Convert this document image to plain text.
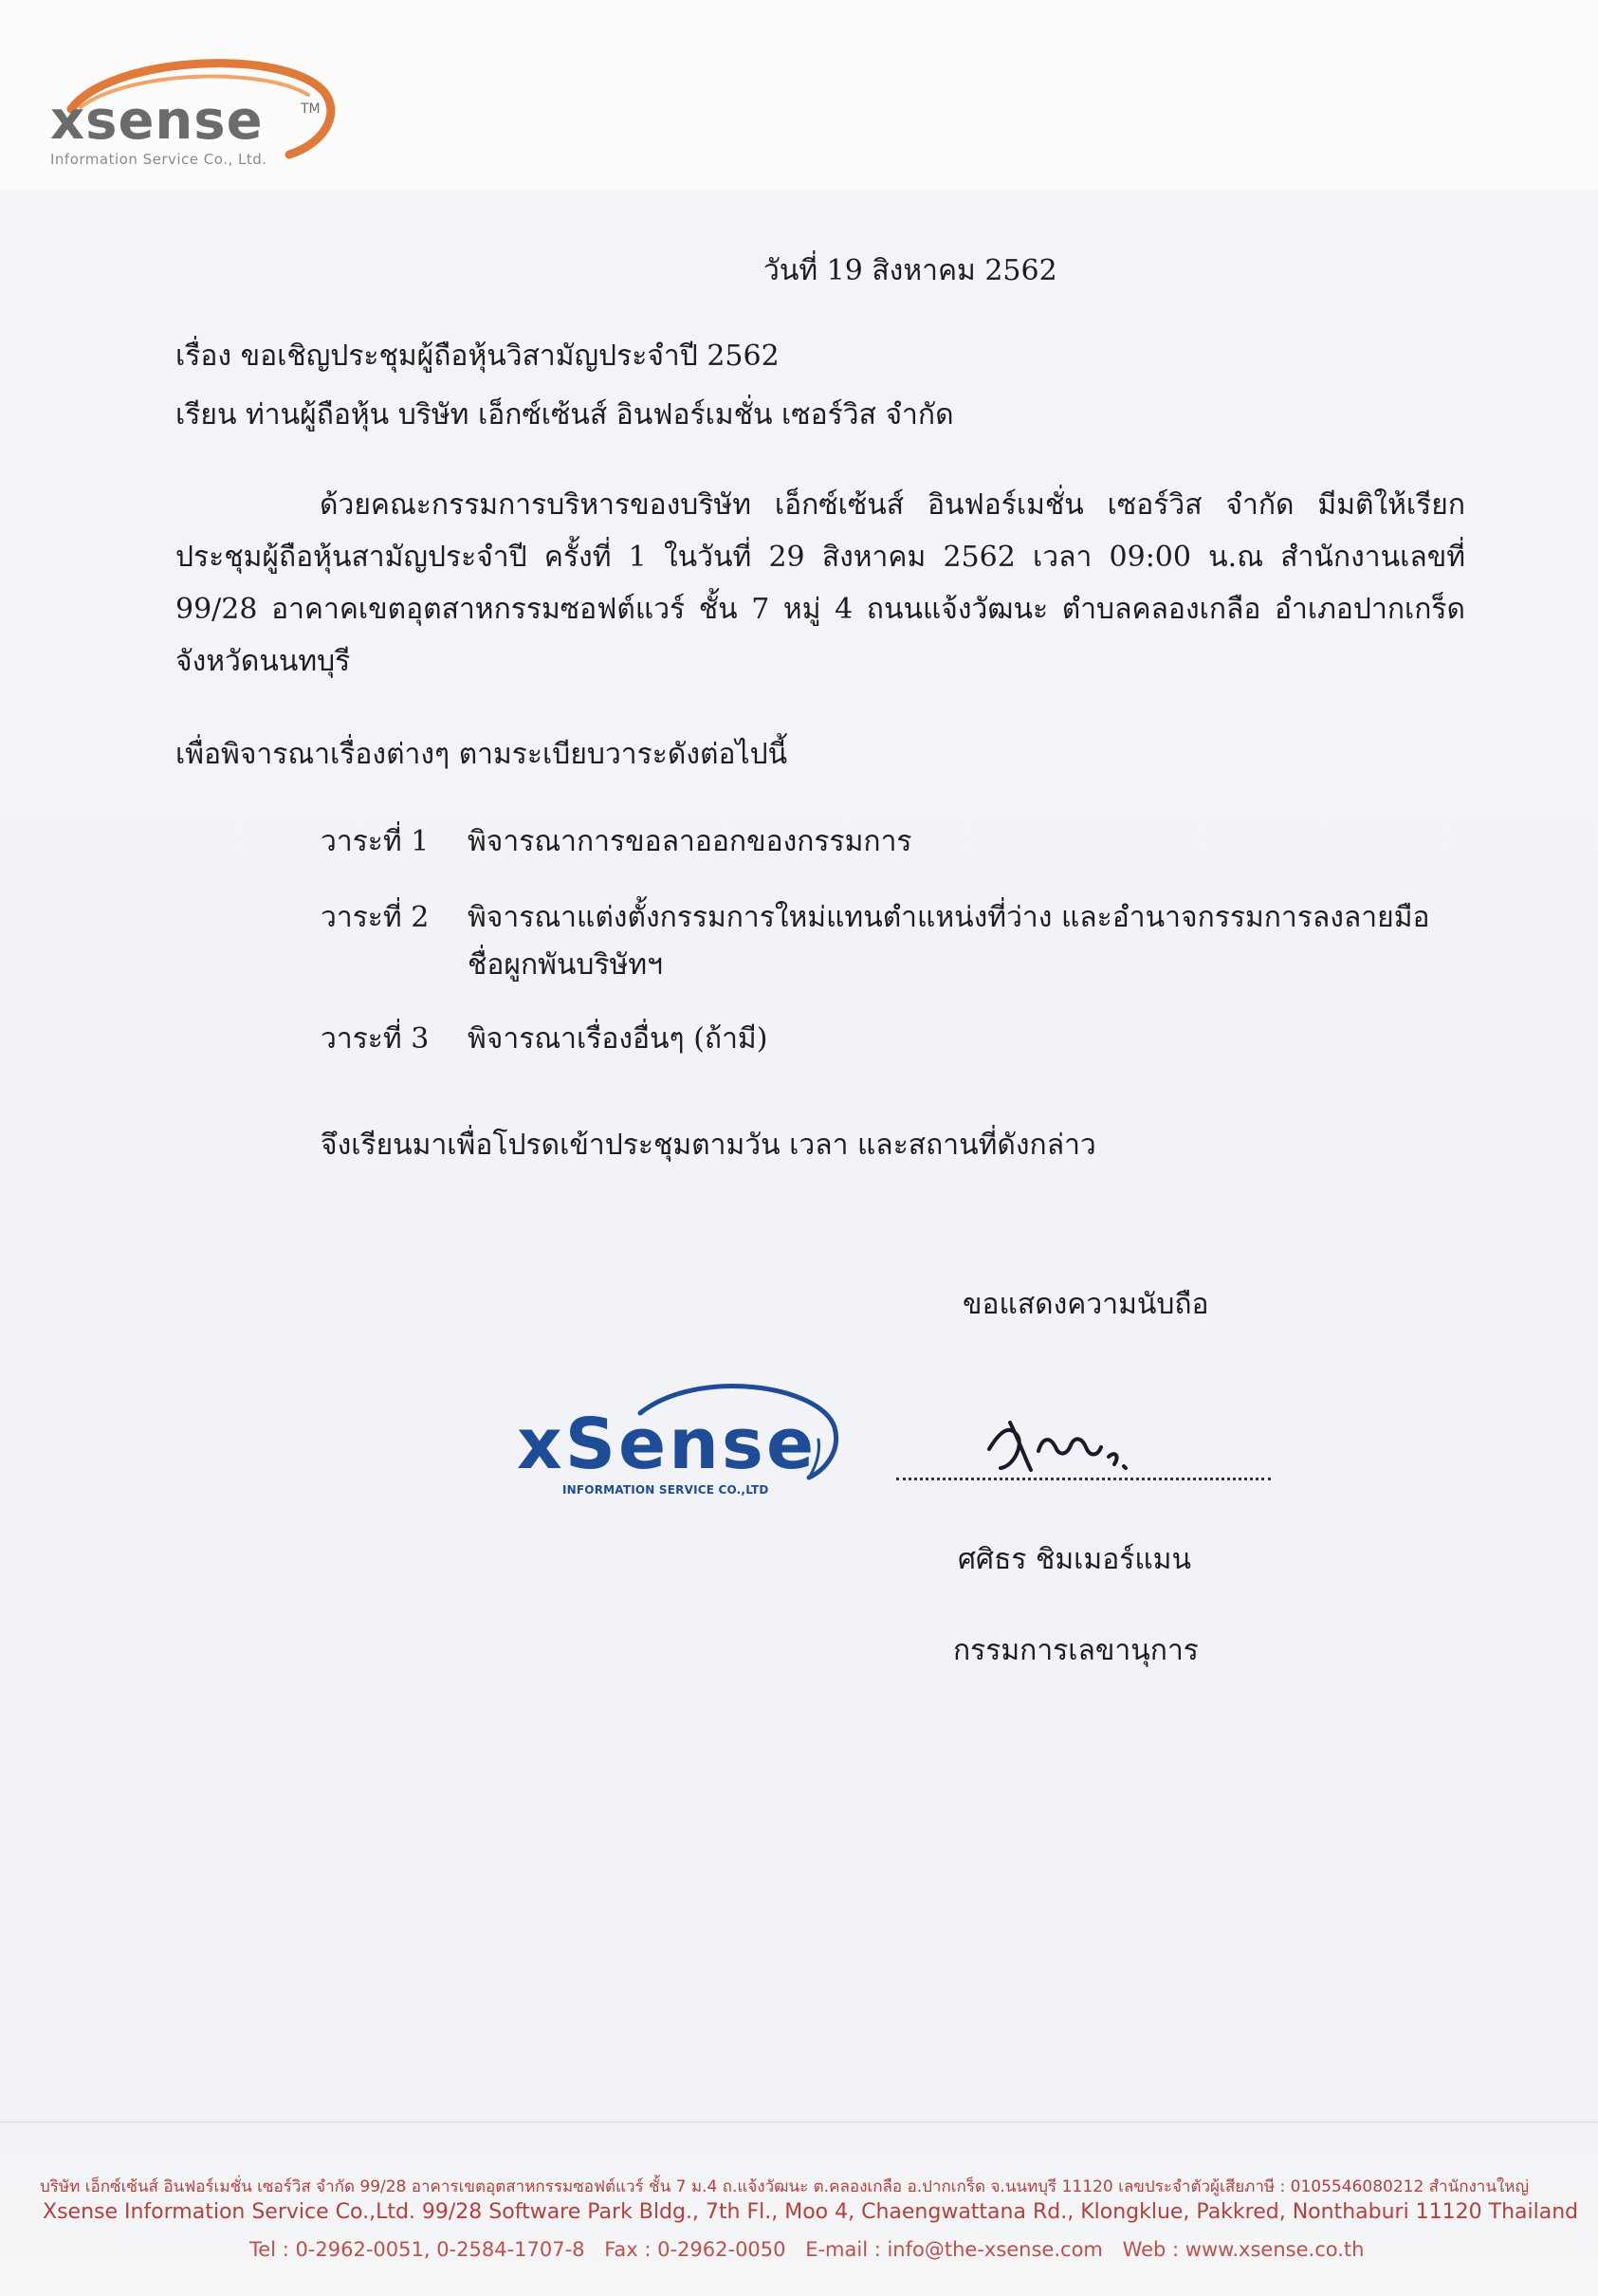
xsense	TM
Information Service Co., Ltd.
วันที่ 19 สิงหาคม 2562
เรื่อง ขอเชิญประชุมผู้ถือหุ้นวิสามัญประจำปี 2562
เรียน ท่านผู้ถือหุ้น บริษัท เอ็กซ์เซ้นส์ อินฟอร์เมชั่น เซอร์วิส จำกัด
ด้วยคณะกรรมการบริหารของบริษัท เอ็กซ์เซ้นส์ อินฟอร์เมชั่น เซอร์วิส จำกัด มีมติให้เรียกประชุมผู้ถือหุ้นสามัญประจำปี ครั้งที่ 1 ในวันที่ 29 สิงหาคม 2562 เวลา 09:00 น.ณ สำนักงานเลขที่ 99/28 อาคาคเขตอุตสาหกรรมซอฟต์แวร์ ชั้น 7 หมู่ 4 ถนนแจ้งวัฒนะ ตำบลคลองเกลือ อำเภอปากเกร็ด จังหวัดนนทบุรี
เพื่อพิจารณาเรื่องต่างๆ ตามระเบียบวาระดังต่อไปนี้
วาระที่ 1 พิจารณาการขอลาออกของกรรมการ
วาระที่ 2 พิจารณาแต่งตั้งกรรมการใหม่แทนตำแหน่งที่ว่าง และอำนาจกรรมการลงลายมือชื่อผูกพันบริษัทฯ
วาระที่ 3 พิจารณาเรื่องอื่นๆ (ถ้ามี)
จึงเรียนมาเพื่อโปรดเข้าประชุมตามวัน เวลา และสถานที่ดังกล่าว
ขอแสดงความนับถือ
xSense
INFORMATION SERVICE CO.,LTD
ศศิธร ชิมเมอร์แมน
กรรมการเลขานุการ
บริษัท เอ็กซ์เซ้นส์ อินฟอร์เมชั่น เซอร์วิส จำกัด 99/28 อาคารเขตอุตสาหกรรมซอฟต์แวร์ ชั้น 7 ม.4 ถ.แจ้งวัฒนะ ต.คลองเกลือ อ.ปากเกร็ด จ.นนทบุรี 11120 เลขประจำตัวผู้เสียภาษี : 0105546080212 สำนักงานใหญ่
Xsense Information Service Co.,Ltd. 99/28 Software Park Bldg., 7th Fl., Moo 4, Chaengwattana Rd., Klongklue, Pakkred, Nonthaburi 11120 Thailand
Tel : 0-2962-0051, 0-2584-1707-8 Fax : 0-2962-0050 E-mail : info@the-xsense.com Web : www.xsense.co.th
